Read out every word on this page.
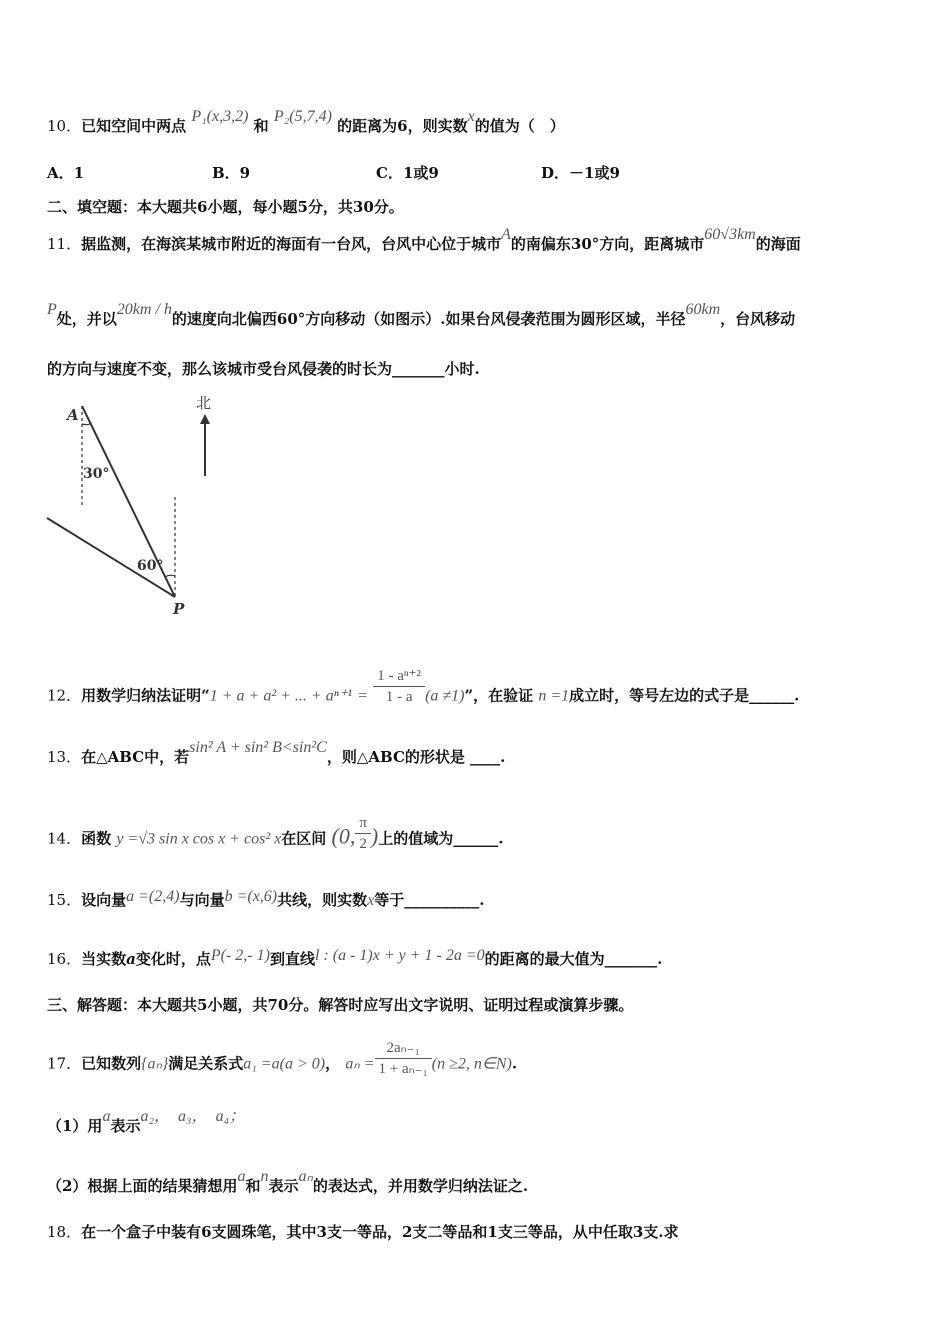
10．已知空间中两点 P₁(x,3,2) 和 P₂(5,7,4) 的距离为6，则实数x的值为（　）
A．1	B．9	C．1或9	D．－1或9
二、填空题：本大题共6小题，每小题5分，共30分。
11．据监测，在海滨某城市附近的海面有一台风，台风中心位于城市A的南偏东30°方向，距离城市60√3km的海面
P处，并以20km / h的速度向北偏西60°方向移动（如图示）.如果台风侵袭范围为圆形区域，半径60km，台风移动
的方向与速度不变，那么该城市受台风侵袭的时长为_______小时.
A
30°
60°
P
北
12．用数学归纳法证明“1 + a + a² + ... + $a^{n+1} = \frac{\text{1 - aⁿ⁺²}}{1 - a} (a \ne 1)$”，在验证 n =1成立时，等号左边的式子是______.
13．在△ABC中，若sin² A + sin² B<sin²C，则△ABC的形状是 ____.
14．函数 y =√3 sin x cos x + cos² x在区间 (0, $\frac{\pi}{2}$ )上的值域为______.
15．设向量a =(2,4)与向量b =(x,6)共线，则实数x等于__________.
16．当实数a变化时，点P(- 2,- 1)到直线l : (a - 1)x + y + 1 - 2a =0的距离的最大值为_______.
三、解答题：本大题共5小题，共70分。解答时应写出文字说明、证明过程或演算步骤。
17．已知数列{aₙ}满足关系式a₁ =a(a > 0)， $a_n = \frac{\text{2aₙ₋₁}}{\text{1 + aₙ₋₁}} (n \ge 2$, n∈N).
（1）用a表示a₂，　a₃，　a₄；
（2）根据上面的结果猜想用a和n表示aₙ的表达式，并用数学归纳法证之.
18．在一个盒子中装有6支圆珠笔，其中3支一等品，2支二等品和1支三等品，从中任取3支.求
